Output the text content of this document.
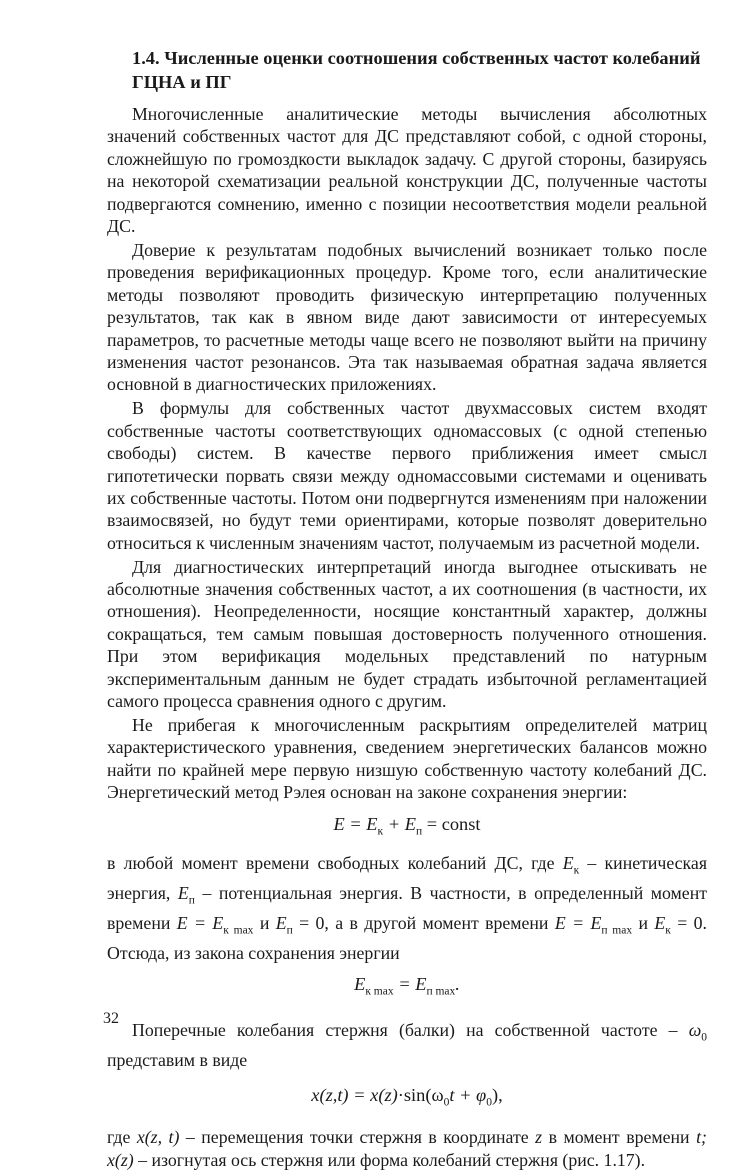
1.4. Численные оценки соотношения собственных частот колебаний ГЦНА и ПГ

Многочисленные аналитические методы вычисления абсолютных значений собственных частот для ДС представляют собой, с одной стороны, сложнейшую по громоздкости выкладок задачу. С другой стороны, базируясь на некоторой схематизации реальной конструкции ДС, полученные частоты подвергаются сомнению, именно с позиции несоответствия модели реальной ДС.

Доверие к результатам подобных вычислений возникает только после проведения верификационных процедур. Кроме того, если аналитические методы позволяют проводить физическую интерпретацию полученных результатов, так как в явном виде дают зависимости от интересуемых параметров, то расчетные методы чаще всего не позволяют выйти на причину изменения частот резонансов. Эта так называемая обратная задача является основной в диагностических приложениях.

В формулы для собственных частот двухмассовых систем входят собственные частоты соответствующих одномассовых (с одной степенью свободы) систем. В качестве первого приближения имеет смысл гипотетически порвать связи между одномассовыми системами и оценивать их собственные частоты. Потом они подвергнутся изменениям при наложении взаимосвязей, но будут теми ориентирами, которые позволят доверительно относиться к численным значениям частот, получаемым из расчетной модели.

Для диагностических интерпретаций иногда выгоднее отыскивать не абсолютные значения собственных частот, а их соотношения (в частности, их отношения). Неопределенности, носящие константный характер, должны сокращаться, тем самым повышая достоверность полученного отношения. При этом верификация модельных представлений по натурным экспериментальным данным не будет страдать избыточной регламентацией самого процесса сравнения одного с другим.

Не прибегая к многочисленным раскрытиям определителей матриц характеристического уравнения, сведением энергетических балансов можно найти по крайней мере первую низшую собственную частоту колебаний ДС. Энергетический метод Рэлея основан на законе сохранения энергии:

$E = E_к + E_п$ = const

в любой момент времени свободных колебаний ДС, где $E_к$ – кинетическая энергия, $E_п$ – потенциальная энергия. В частности, в определенный момент времени $E = E_{к max}$ и $E_п = 0$, а в другой момент времени $E = E_{п max}$ и $E_к = 0$. Отсюда, из закона сохранения энергии

$E_{к max} = E_{п max}$.

Поперечные колебания стержня (балки) на собственной частоте – $\omega_0$ представим в виде

$x(z,t) = x(z)\cdot\sin(\omega_0t + \varphi_0)$,

где x(z, t) – перемещения точки стержня в координате z в момент времени t; x(z) – изогнутая ось стержня или форма колебаний стержня (рис. 1.17).

32
